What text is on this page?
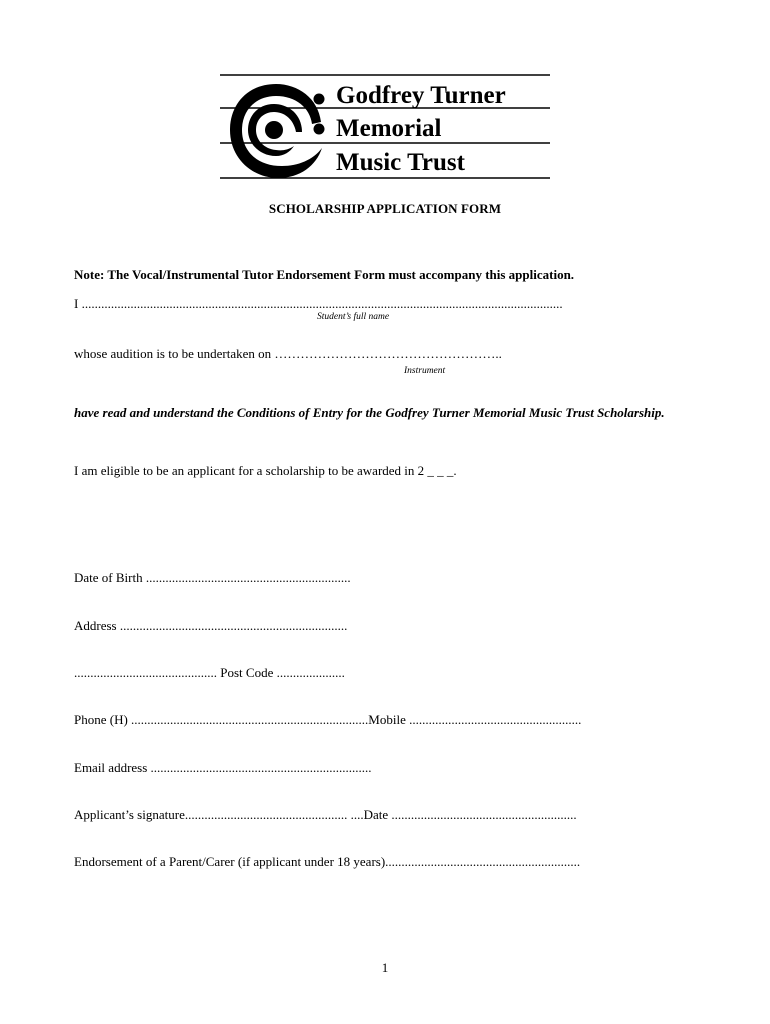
Godfrey Turner
Memorial
Music Trust
SCHOLARSHIP APPLICATION FORM
Note: The Vocal/Instrumental Tutor Endorsement Form must accompany this application.
I ....................................................................................................................................................
Student’s full name
whose audition is to be undertaken on ……………………………………………..
Instrument
have read and understand the Conditions of Entry for the Godfrey Turner Memorial Music Trust Scholarship.
I am eligible to be an applicant for a scholarship to be awarded in 2 _ _ _.
Date of Birth ...............................................................
Address ......................................................................
............................................ Post Code .....................
Phone (H) .........................................................................Mobile .....................................................
Email address ....................................................................
Applicant’s signature.................................................. ....Date .........................................................
Endorsement of a Parent/Carer (if applicant under 18 years)............................................................
1
